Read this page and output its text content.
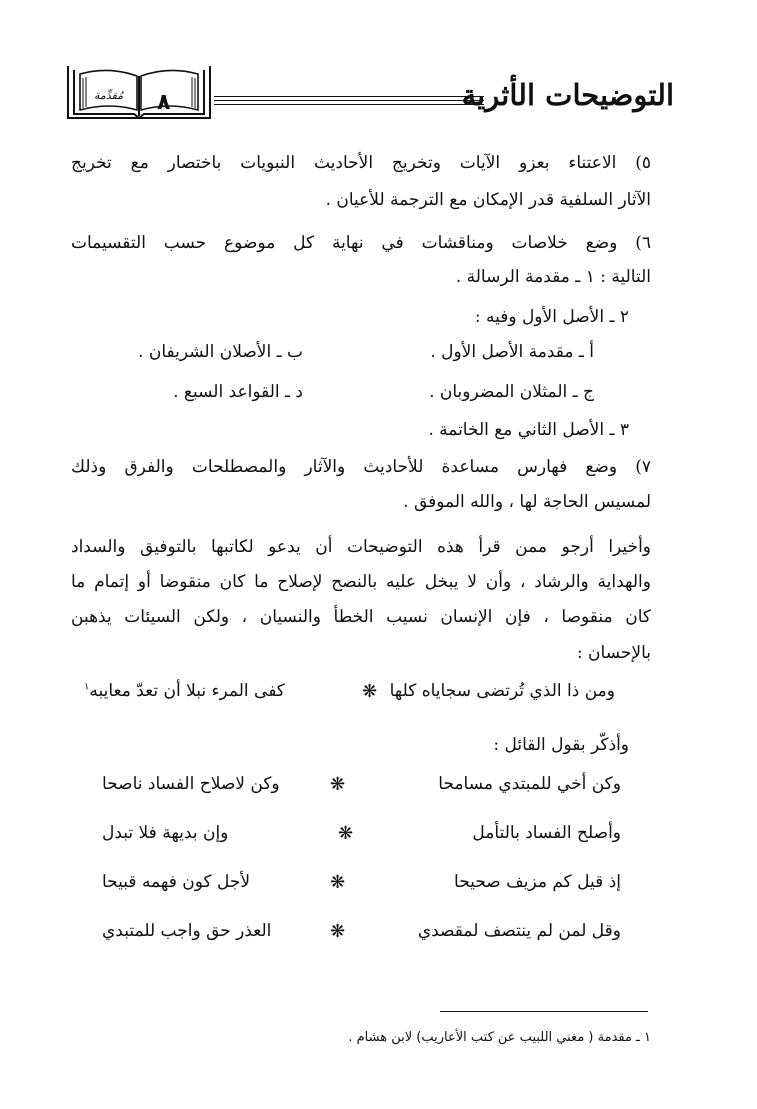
التوضيحات الأثرية
٨
مُقدِّمة
٥) الاعتناء بعزو الآيات وتخريج الأحاديث النبويات باختصار مع تخريج
الآثار السلفية قدر الإمكان مع الترجمة للأعيان .
٦) وضع خلاصات ومناقشات في نهاية كل موضوع حسب التقسيمات
التالية : ١ ـ مقدمة الرسالة .
٢ ـ الأصل الأول وفيه :
أ ـ مقدمة الأصل الأول .
ب ـ الأصلان الشريفان .
ج ـ المثلان المضروبان .
د ـ القواعد السبع .
٣ ـ الأصل الثاني مع الخاتمة .
٧) وضع فهارس مساعدة للأحاديث والآثار والمصطلحات والفرق وذلك
لمسيس الحاجة لها ، والله الموفق .
وأخيرا أرجو ممن قرأ هذه التوضيحات أن يدعو لكاتبها بالتوفيق والسداد
والهداية والرشاد ، وأن لا يبخل عليه بالنصح لإصلاح ما كان منقوضا أو إتمام ما
كان منقوصا ، فإن الإنسان نسيب الخطأ والنسيان ، ولكن السيئات يذهبن
بالإحسان :
ومن ذا الذي تُرتضى سجاياه كلها
❋
كفى المرء نبلا أن تعدّ معايبه$^١$
وأذكّر بقول القائل :
وكن أخي للمبتدي مسامحا
❋
وكن لاصلاح الفساد ناصحا
وأصلح الفساد بالتأمل
❋
وإن بديهة فلا تبدل
إذ قيل كم مزيف صحيحا
❋
لأجل كون فهمه قبيحا
وقل لمن لم ينتصف لمقصدي
❋
العذر حق واجب للمتبدي
١ ـ مقدمة ( مغني اللبيب عن كتب الأعاريب) لابن هشام .
